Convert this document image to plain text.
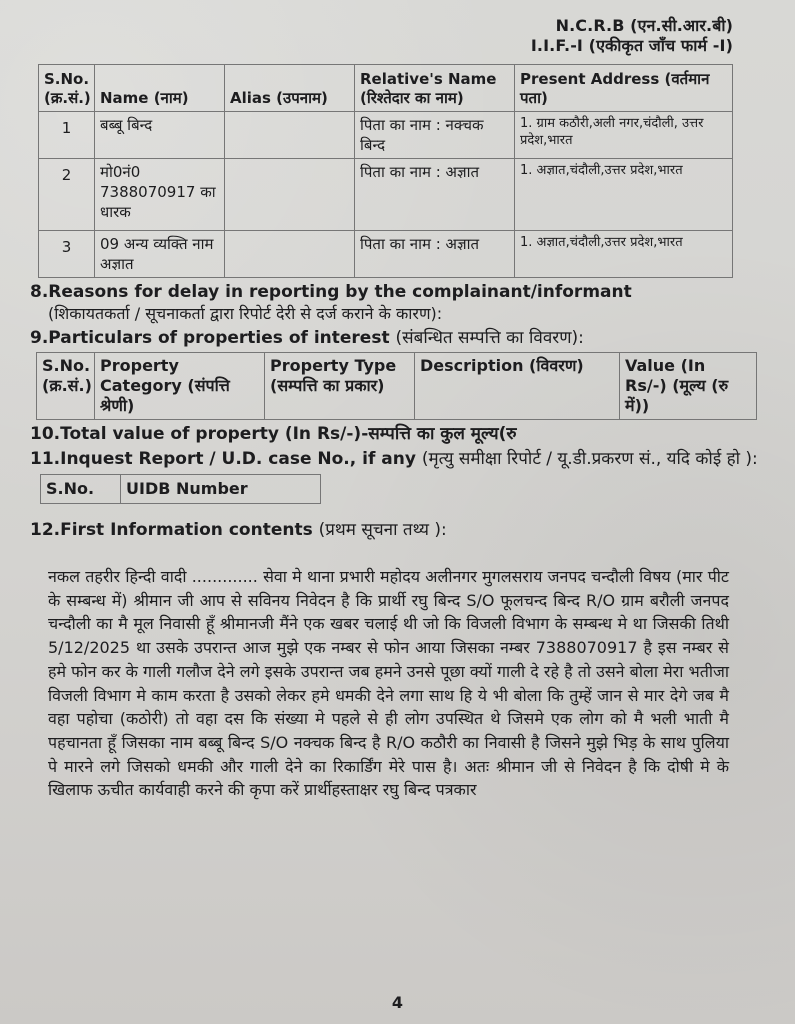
N.C.R.B (एन.सी.आर.बी)
I.I.F.-I (एकीकृत जाँच फार्म -I)
S.No. (क्र.सं.)	Name (नाम)	Alias (उपनाम)	Relative's Name (रिश्तेदार का नाम)	Present Address (वर्तमान पता)
1	बब्बू बिन्द		पिता का नाम : नक्चक बिन्द	1. ग्राम कठौरी,अली नगर,चंदौली, उत्तर प्रदेश,भारत
2	मो0नं0 7388070917 का धारक		पिता का नाम : अज्ञात	1. अज्ञात,चंदौली,उत्तर प्रदेश,भारत
3	09 अन्य व्यक्ति नाम अज्ञात		पिता का नाम : अज्ञात	1. अज्ञात,चंदौली,उत्तर प्रदेश,भारत
8.Reasons for delay in reporting by the complainant/informant
(शिकायतकर्ता / सूचनाकर्ता द्वारा रिपोर्ट देरी से दर्ज कराने के कारण):
9.Particulars of properties of interest (संबन्धित सम्पत्ति का विवरण):
S.No. (क्र.सं.)	Property Category (संपत्ति श्रेणी)	Property Type (सम्पत्ति का प्रकार)	Description (विवरण)	Value (In Rs/-) (मूल्य (रु में))
10.Total value of property (In Rs/-)-सम्पत्ति का कुल मूल्य(रु
11.Inquest Report / U.D. case No., if any (मृत्यु समीक्षा रिपोर्ट / यू.डी.प्रकरण सं., यदि कोई हो ):
S.No.	UIDB Number
12.First Information contents (प्रथम सूचना तथ्य ):
नकल तहरीर हिन्दी वादी ............. सेवा मे थाना प्रभारी महोदय अलीनगर मुगलसराय जनपद चन्दौली विषय (मार पीट के सम्बन्ध में) श्रीमान जी आप से सविनय निवेदन है कि प्रार्थी रघु बिन्द S/O फूलचन्द बिन्द R/O ग्राम बरौली जनपद चन्दौली का मै मूल निवासी हूँ श्रीमानजी मैंने एक खबर चलाई थी जो कि विजली विभाग के सम्बन्ध मे था जिसकी तिथी 5/12/2025 था उसके उपरान्त आज मुझे एक नम्बर से फोन आया जिसका नम्बर 7388070917 है इस नम्बर से हमे फोन कर के गाली गलौज देने लगे इसके उपरान्त जब हमने उनसे पूछा क्यों गाली दे रहे है तो उसने बोला मेरा भतीजा विजली विभाग मे काम करता है उसको लेकर हमे धमकी देने लगा साथ हि ये भी बोला कि तुम्हें जान से मार देगे जब मै वहा पहोचा (कठोरी) तो वहा दस कि संख्या मे पहले से ही लोग उपस्थित थे जिसमे एक लोग को मै भली भाती मै पहचानता हूँ जिसका नाम बब्बू बिन्द S/O नक्चक बिन्द है R/O कठौरी का निवासी है जिसने मुझे भिड़ के साथ पुलिया पे मारने लगे जिसको धमकी और गाली देने का रिकार्डिंग मेरे पास है। अतः श्रीमान जी से निवेदन है कि दोषी मे के खिलाफ ऊचीत कार्यवाही करने की कृपा करें प्रार्थीहस्ताक्षर रघु बिन्द पत्रकार
4
